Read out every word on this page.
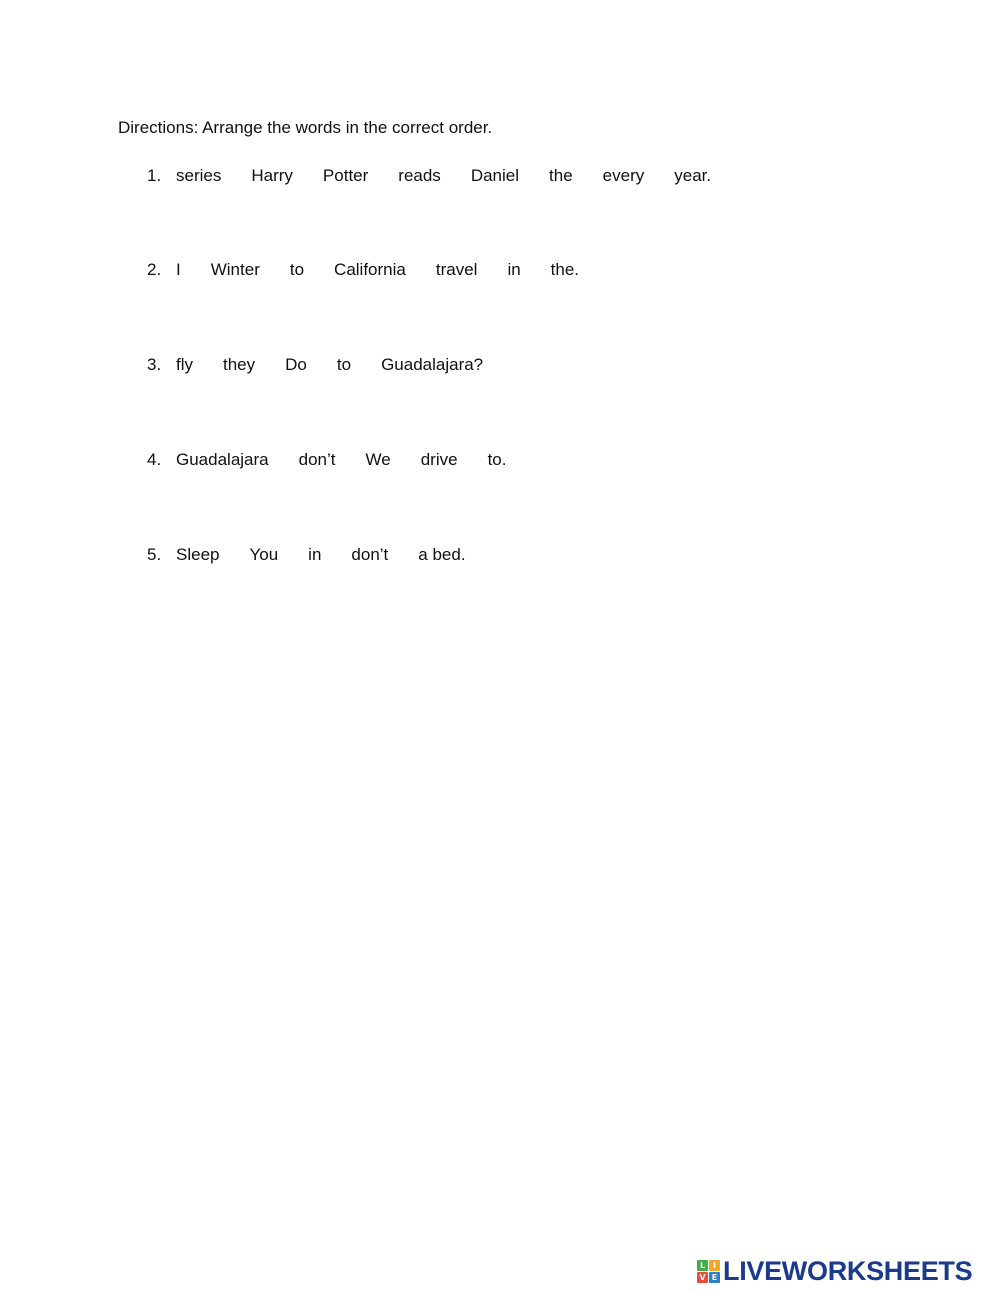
Directions: Arrange the words in the correct order.
1. series Harry Potter reads Daniel the every year.
2. I Winter to California travel in the.
3. fly they Do to Guadalajara?
4. Guadalajara don’t We drive to.
5. Sleep You in don’t a bed.
L I
V E LIVEWORKSHEETS
